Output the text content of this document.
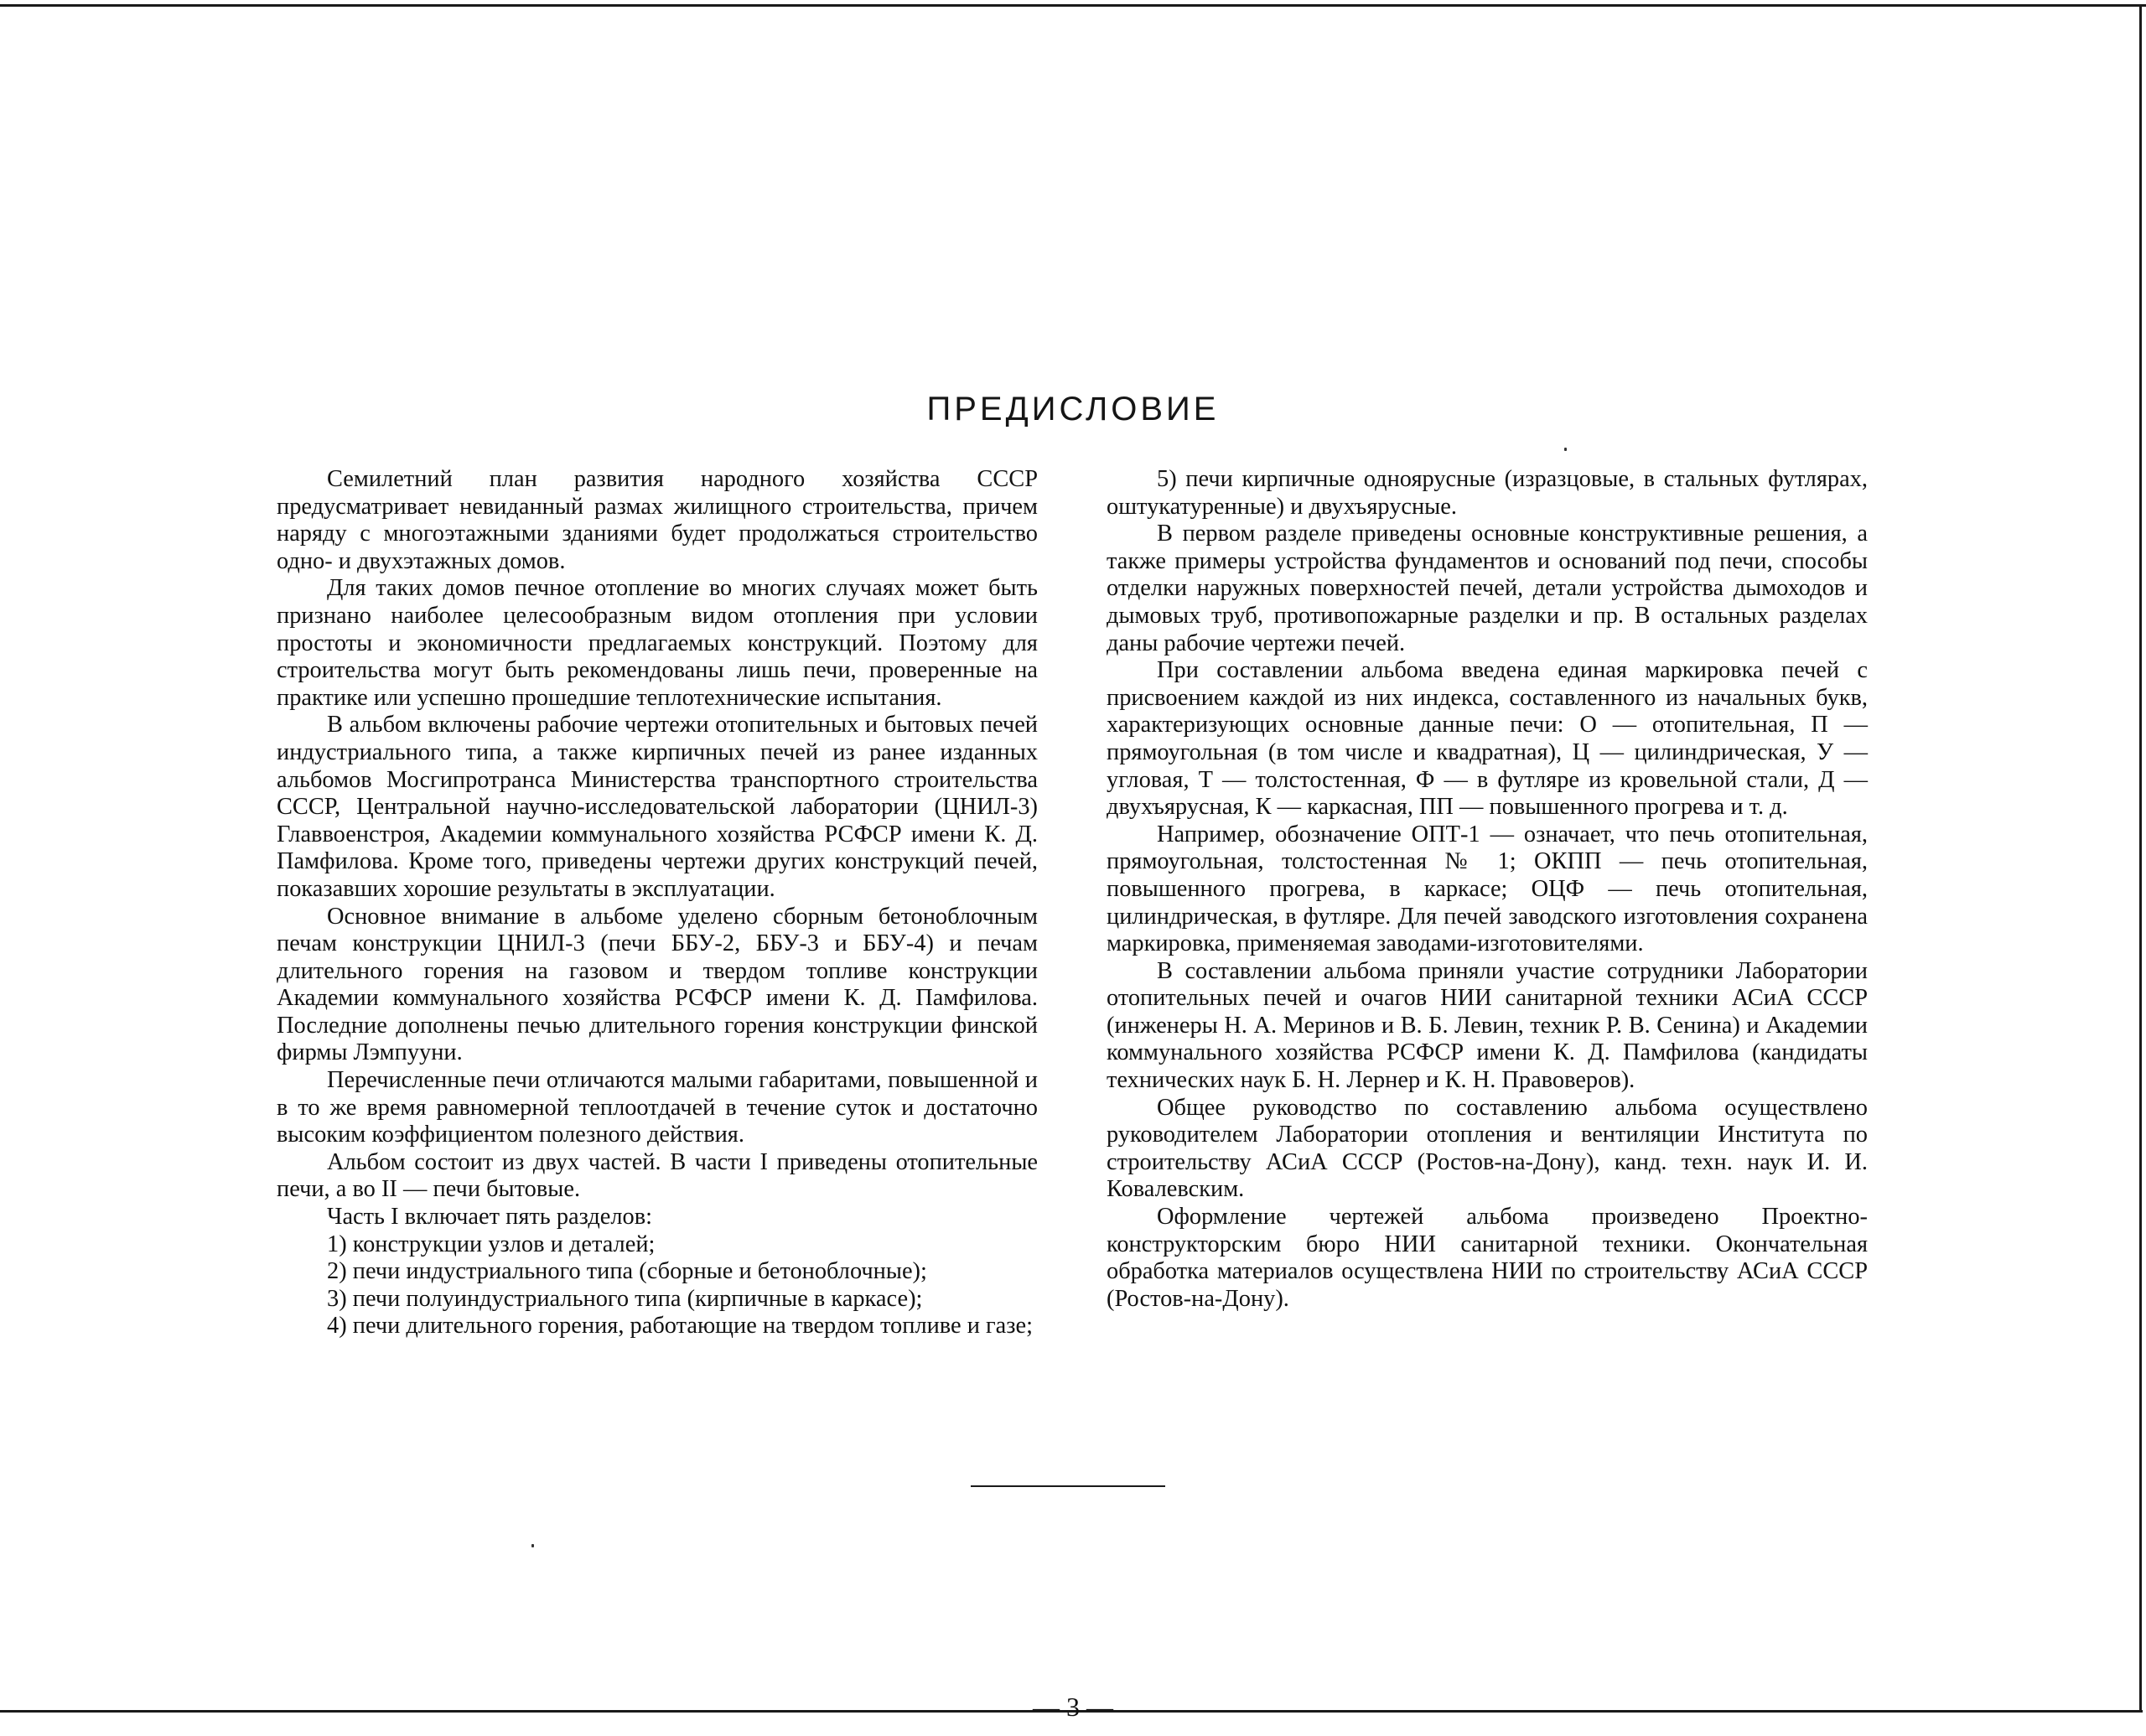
ПРЕДИСЛОВИЕ

Семилетний план развития народного хозяйства СССР предусматривает невиданный размах жилищного строительства, причем наряду с многоэтажными зданиями будет продолжаться строительство одно- и двухэтажных домов.

Для таких домов печное отопление во многих случаях может быть признано наиболее целесообразным видом отопления при условии простоты и экономичности предлагаемых конструкций. Поэтому для строительства могут быть рекомендованы лишь печи, проверенные на практике или успешно прошедшие теплотехнические испытания.

В альбом включены рабочие чертежи отопительных и бытовых печей индустриального типа, а также кирпичных печей из ранее изданных альбомов Мосгипротранса Министерства транспортного строительства СССР, Центральной научно-исследовательской лаборатории (ЦНИЛ-3) Главвоенстроя, Академии коммунального хозяйства РСФСР имени К. Д. Памфилова. Кроме того, приведены чертежи других конструкций печей, показавших хорошие результаты в эксплуатации.

Основное внимание в альбоме уделено сборным бетоноблочным печам конструкции ЦНИЛ-3 (печи ББУ-2, ББУ-3 и ББУ-4) и печам длительного горения на газовом и твердом топливе конструкции Академии коммунального хозяйства РСФСР имени К. Д. Памфилова. Последние дополнены печью длительного горения конструкции финской фирмы Лэмпууни.

Перечисленные печи отличаются малыми габаритами, повышенной и в то же время равномерной теплоотдачей в течение суток и достаточно высоким коэффициентом полезного действия.

Альбом состоит из двух частей. В части I приведены отопительные печи, а во II — печи бытовые.

Часть I включает пять разделов:

1) конструкции узлов и деталей;

2) печи индустриального типа (сборные и бетоноблочные);

3) печи полуиндустриального типа (кирпичные в каркасе);

4) печи длительного горения, работающие на твердом топливе и газе;

5) печи кирпичные одноярусные (изразцовые, в стальных футлярах, оштукатуренные) и двухъярусные.

В первом разделе приведены основные конструктивные решения, а также примеры устройства фундаментов и оснований под печи, способы отделки наружных поверхностей печей, детали устройства дымоходов и дымовых труб, противопожарные разделки и пр. В остальных разделах даны рабочие чертежи печей.

При составлении альбома введена единая маркировка печей с присвоением каждой из них индекса, составленного из начальных букв, характеризующих основные данные печи: О — отопительная, П — прямоугольная (в том числе и квадратная), Ц — цилиндрическая, У — угловая, Т — толстостенная, Ф — в футляре из кровельной стали, Д — двухъярусная, К — каркасная, ПП — повышенного прогрева и т. д.

Например, обозначение ОПТ-1 — означает, что печь отопительная, прямоугольная, толстостенная № 1; ОКПП — печь отопительная, повышенного прогрева, в каркасе; ОЦФ — печь отопительная, цилиндрическая, в футляре. Для печей заводского изготовления сохранена маркировка, применяемая заводами-изготовителями.

В составлении альбома приняли участие сотрудники Лаборатории отопительных печей и очагов НИИ санитарной техники АСиА СССР (инженеры Н. А. Меринов и В. Б. Левин, техник Р. В. Сенина) и Академии коммунального хозяйства РСФСР имени К. Д. Памфилова (кандидаты технических наук Б. Н. Лернер и К. Н. Правоверов).

Общее руководство по составлению альбома осуществлено руководителем Лаборатории отопления и вентиляции Института по строительству АСиА СССР (Ростов-на-Дону), канд. техн. наук И. И. Ковалевским.

Оформление чертежей альбома произведено Проектно-конструкторским бюро НИИ санитарной техники. Окончательная обработка материалов осуществлена НИИ по строительству АСиА СССР (Ростов-на-Дону).

— 3 —
